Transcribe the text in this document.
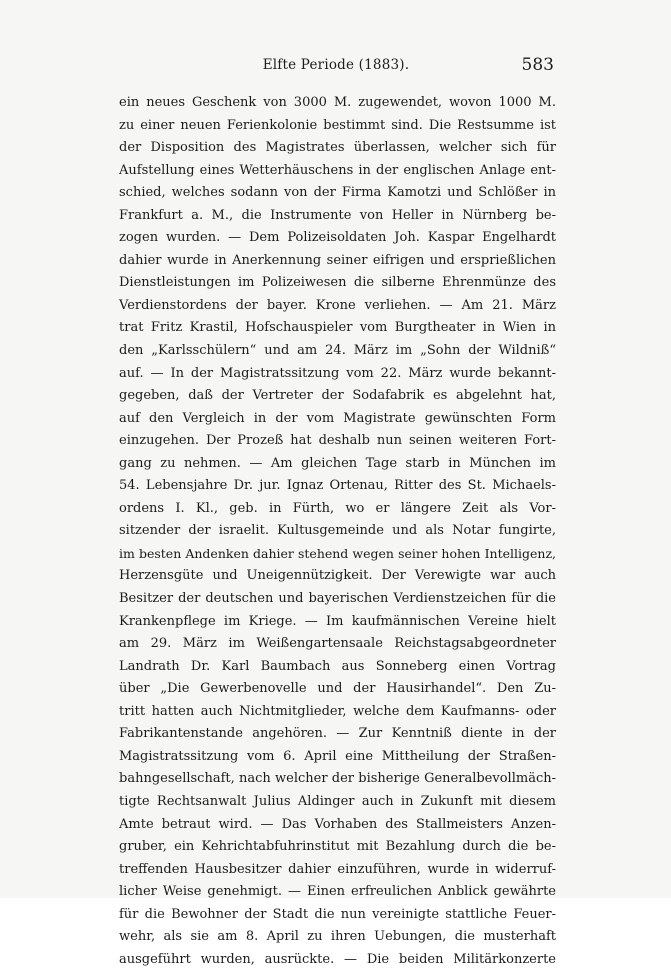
Elfte Periode (1883).	583
ein neues Geschenk von 3000 M. zugewendet, wovon 1000 M.
zu einer neuen Ferienkolonie bestimmt sind. Die Restsumme ist
der Disposition des Magistrates überlassen, welcher sich für
Aufstellung eines Wetterhäuschens in der englischen Anlage ent-
schied, welches sodann von der Firma Kamotzi und Schlößer in
Frankfurt a. M., die Instrumente von Heller in Nürnberg be-
zogen wurden. — Dem Polizeisoldaten Joh. Kaspar Engelhardt
dahier wurde in Anerkennung seiner eifrigen und ersprießlichen
Dienstleistungen im Polizeiwesen die silberne Ehrenmünze des
Verdienstordens der bayer. Krone verliehen. — Am 21. März
trat Fritz Krastil, Hofschauspieler vom Burgtheater in Wien in
den „Karlsschülern“ und am 24. März im „Sohn der Wildniß“
auf. — In der Magistratssitzung vom 22. März wurde bekannt-
gegeben, daß der Vertreter der Sodafabrik es abgelehnt hat,
auf den Vergleich in der vom Magistrate gewünschten Form
einzugehen. Der Prozeß hat deshalb nun seinen weiteren Fort-
gang zu nehmen. — Am gleichen Tage starb in München im
54. Lebensjahre Dr. jur. Ignaz Ortenau, Ritter des St. Michaels-
ordens I. Kl., geb. in Fürth, wo er längere Zeit als Vor-
sitzender der israelit. Kultusgemeinde und als Notar fungirte,
im besten Andenken dahier stehend wegen seiner hohen Intelligenz,
Herzensgüte und Uneigennützigkeit. Der Verewigte war auch
Besitzer der deutschen und bayerischen Verdienstzeichen für die
Krankenpflege im Kriege. — Im kaufmännischen Vereine hielt
am 29. März im Weißengartensaale Reichstagsabgeordneter
Landrath Dr. Karl Baumbach aus Sonneberg einen Vortrag
über „Die Gewerbenovelle und der Hausirhandel“. Den Zu-
tritt hatten auch Nichtmitglieder, welche dem Kaufmanns- oder
Fabrikantenstande angehören. — Zur Kenntniß diente in der
Magistratssitzung vom 6. April eine Mittheilung der Straßen-
bahngesellschaft, nach welcher der bisherige Generalbevollmäch-
tigte Rechtsanwalt Julius Aldinger auch in Zukunft mit diesem
Amte betraut wird. — Das Vorhaben des Stallmeisters Anzen-
gruber, ein Kehrichtabfuhrinstitut mit Bezahlung durch die be-
treffenden Hausbesitzer dahier einzuführen, wurde in widerruf-
licher Weise genehmigt. — Einen erfreulichen Anblick gewährte
für die Bewohner der Stadt die nun vereinigte stattliche Feuer-
wehr, als sie am 8. April zu ihren Uebungen, die musterhaft
ausgeführt wurden, ausrückte. — Die beiden Militärkonzerte
